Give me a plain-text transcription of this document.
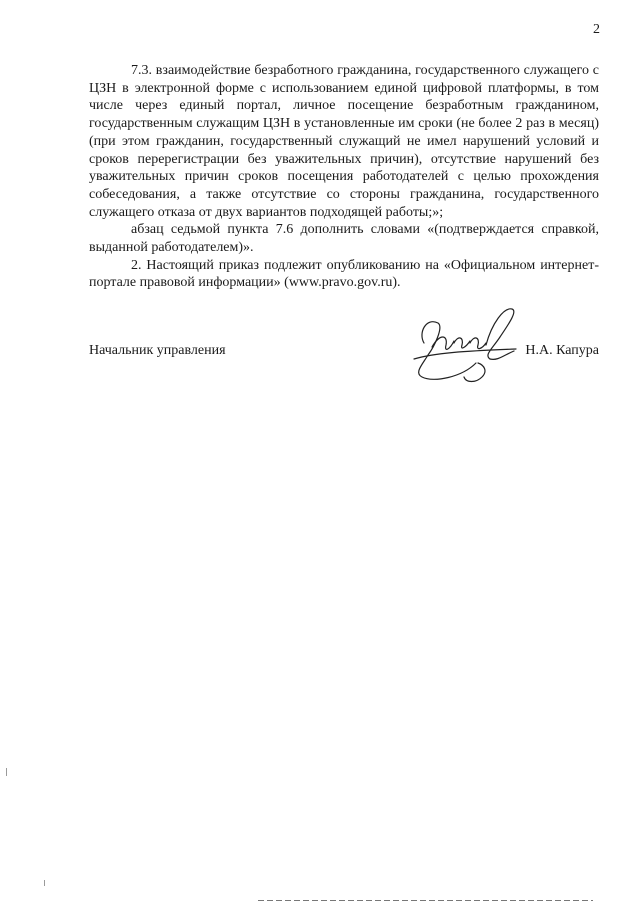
2

7.3. взаимодействие безработного гражданина, государственного служащего с ЦЗН в электронной форме с использованием единой цифровой платформы, в том числе через единый портал, личное посещение безработным гражданином, государственным служащим ЦЗН в установленные им сроки (не более 2 раз в месяц) (при этом гражданин, государственный служащий не имел нарушений условий и сроков перерегистрации без уважительных причин), отсутствие нарушений без уважительных причин сроков посещения работодателей с целью прохождения собеседования, а также отсутствие со стороны гражданина, государственного служащего отказа от двух вариантов подходящей работы;»;

абзац седьмой пункта 7.6 дополнить словами «(подтверждается справкой, выданной работодателем)».

2. Настоящий приказ подлежит опубликованию на «Официальном интернет-портале правовой информации» (www.pravo.gov.ru).

Начальник управления	Н.А. Капура
